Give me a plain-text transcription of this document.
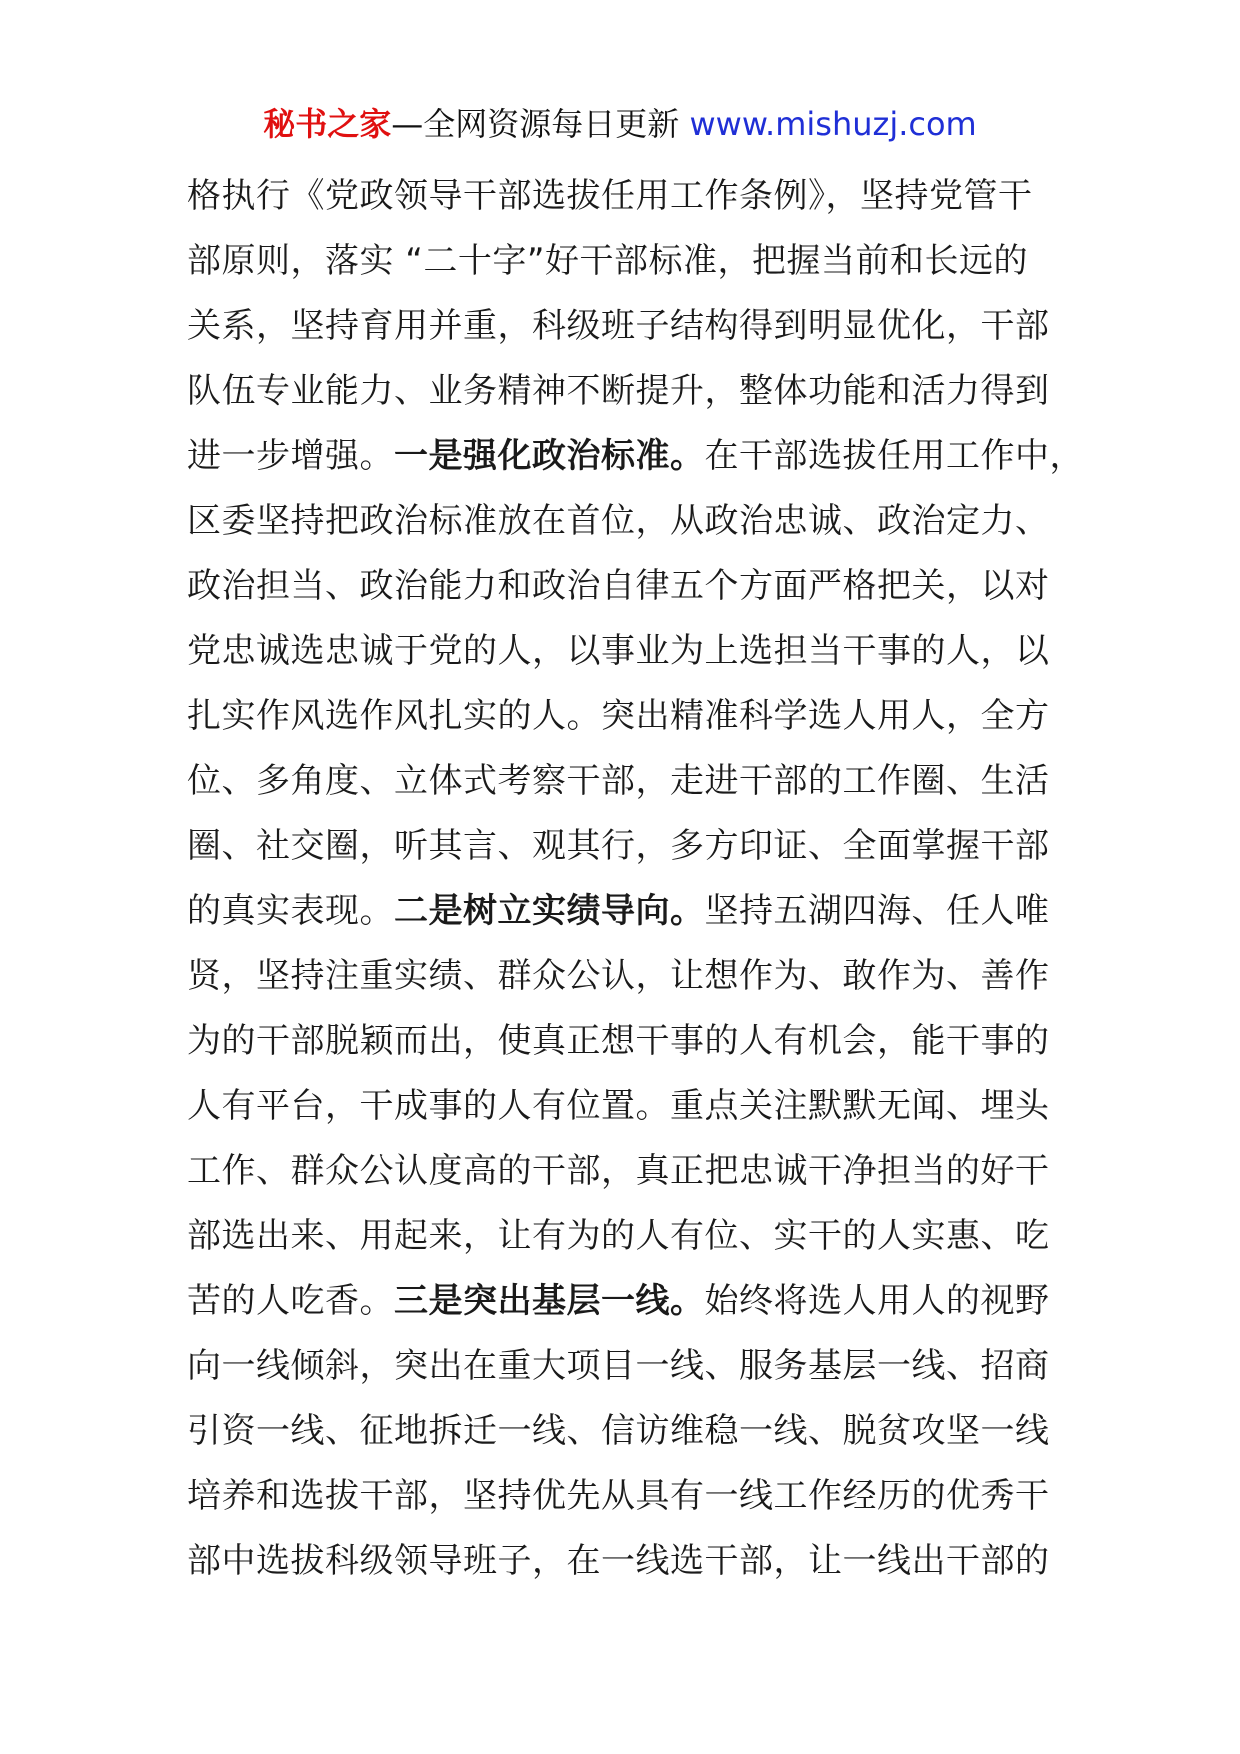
秘书之家—全网资源每日更新 www.mishuzj.com
格执行《党政领导干部选拔任用工作条例》，坚持党管干
部原则，落实 “二十字”好干部标准，把握当前和长远的
关系，坚持育用并重，科级班子结构得到明显优化，干部
队伍专业能力、业务精神不断提升，整体功能和活力得到
进一步增强。一是强化政治标准。在干部选拔任用工作中，
区委坚持把政治标准放在首位，从政治忠诚、政治定力、
政治担当、政治能力和政治自律五个方面严格把关，以对
党忠诚选忠诚于党的人，以事业为上选担当干事的人，以
扎实作风选作风扎实的人。突出精准科学选人用人，全方
位、多角度、立体式考察干部，走进干部的工作圈、生活
圈、社交圈，听其言、观其行，多方印证、全面掌握干部
的真实表现。二是树立实绩导向。坚持五湖四海、任人唯
贤，坚持注重实绩、群众公认，让想作为、敢作为、善作
为的干部脱颖而出，使真正想干事的人有机会，能干事的
人有平台，干成事的人有位置。重点关注默默无闻、埋头
工作、群众公认度高的干部，真正把忠诚干净担当的好干
部选出来、用起来，让有为的人有位、实干的人实惠、吃
苦的人吃香。三是突出基层一线。始终将选人用人的视野
向一线倾斜，突出在重大项目一线、服务基层一线、招商
引资一线、征地拆迁一线、信访维稳一线、脱贫攻坚一线
培养和选拔干部，坚持优先从具有一线工作经历的优秀干
部中选拔科级领导班子，在一线选干部，让一线出干部的
